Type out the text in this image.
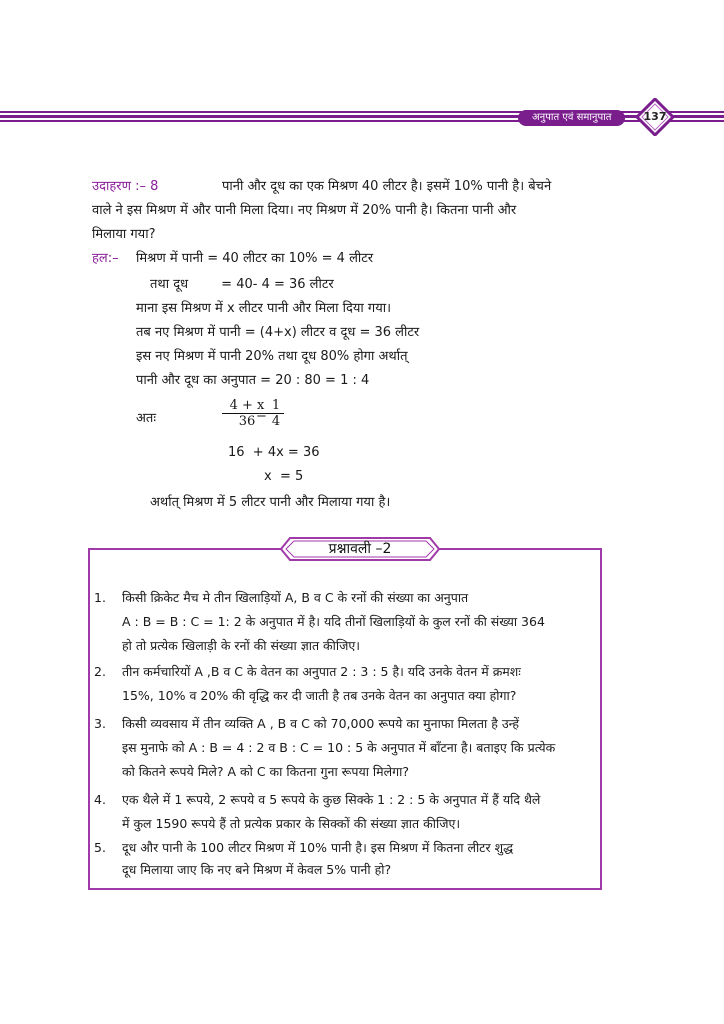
अनुपात एवं समानुपात	137
उदाहरण :– 8	पानी और दूध का एक मिश्रण 40 लीटर है। इसमें 10% पानी है। बेचने
वाले ने इस मिश्रण में और पानी मिला दिया। नए मिश्रण में 20% पानी है। कितना पानी और
मिलाया गया?
हल:– मिश्रण में पानी = 40 लीटर का 10% = 4 लीटर
तथा दूध        = 40- 4 = 36 लीटर
माना इस मिश्रण में x लीटर पानी और मिला दिया गया।
तब नए मिश्रण में पानी = (4+x) लीटर व दूध = 36 लीटर
इस नए मिश्रण में पानी 20% तथा दूध 80% होगा अर्थात्
पानी और दूध का अनुपात = 20 : 80 = 1 : 4
अतः
4 + x
36 =
1
4
16  + 4x = 36
x  = 5
अर्थात् मिश्रण में 5 लीटर पानी और मिलाया गया है।
प्रश्नावली –2
1. किसी क्रिकेट मैच मे तीन खिलाड़ियों A, B व C के रनों की संख्या का अनुपात
A : B = B : C = 1: 2 के अनुपात में है। यदि तीनों खिलाड़ियों के कुल रनों की संख्या 364
हो तो प्रत्येक खिलाड़ी के रनों की संख्या ज्ञात कीजिए।
2. तीन कर्मचारियों A ,B व C के वेतन का अनुपात 2 : 3 : 5 है। यदि उनके वेतन में क्रमशः
15%, 10% व 20% की वृद्धि कर दी जाती है तब उनके वेतन का अनुपात क्या होगा?
3. किसी व्यवसाय में तीन व्यक्ति A , B व C को 70,000 रूपये का मुनाफा मिलता है उन्हें
इस मुनाफे को A : B = 4 : 2 व B : C = 10 : 5 के अनुपात में बाँटना है। बताइए कि प्रत्येक
को कितने रूपये मिले? A को C का कितना गुना रूपया मिलेगा?
4. एक थैले में 1 रूपये, 2 रूपये व 5 रूपये के कुछ सिक्के 1 : 2 : 5 के अनुपात में हैं यदि थैले
में कुल 1590 रूपये हैं तो प्रत्येक प्रकार के सिक्कों की संख्या ज्ञात कीजिए।
5. दूध और पानी के 100 लीटर मिश्रण में 10% पानी है। इस मिश्रण में कितना लीटर शुद्ध
दूध मिलाया जाए कि नए बने मिश्रण में केवल 5% पानी हो?
